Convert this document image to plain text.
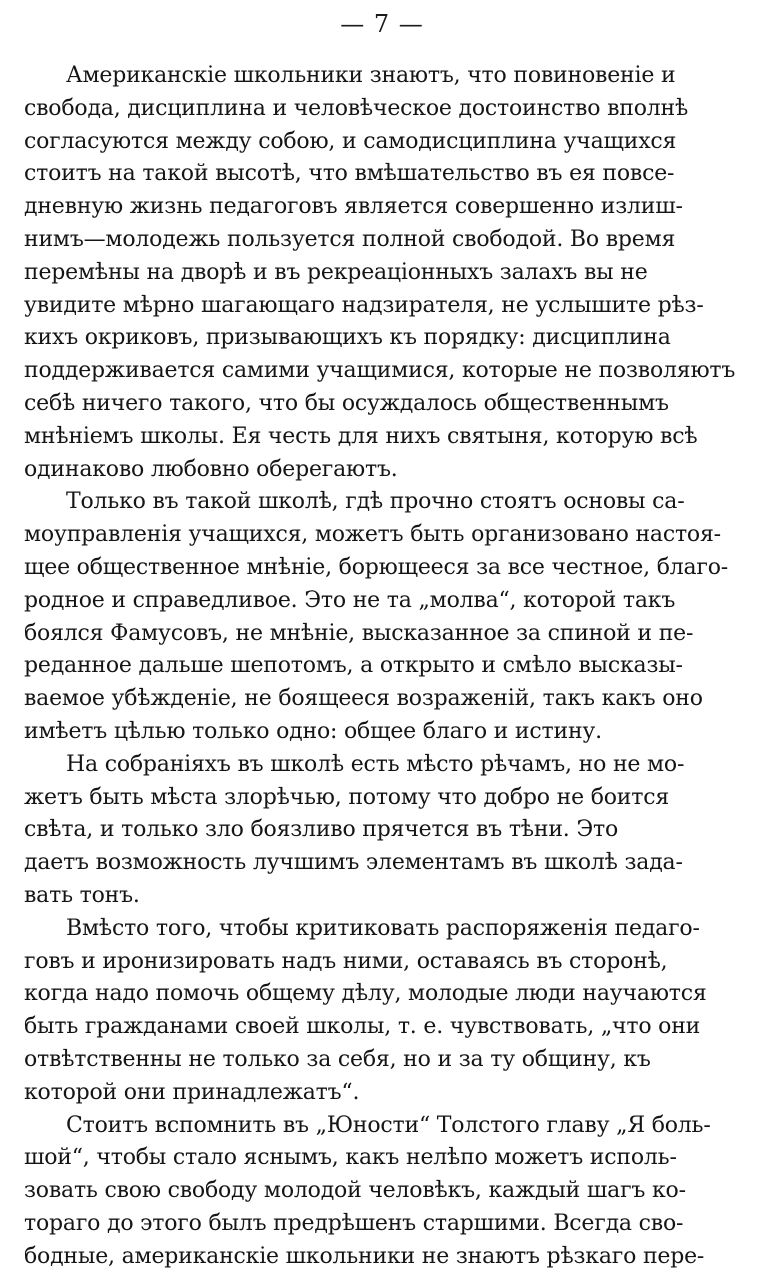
— 7 —
Американскіе школьники знаютъ, что повиновеніе и
свобода, дисциплина и человѣческое достоинство вполнѣ
согласуются между собою, и самодисциплина учащихся
стоитъ на такой высотѣ, что вмѣшательство въ ея повсе-
дневную жизнь педагоговъ является совершенно излиш-
нимъ—молодежь пользуется полной свободой. Во время
перемѣны на дворѣ и въ рекреаціонныхъ залахъ вы не
увидите мѣрно шагающаго надзирателя, не услышите рѣз-
кихъ окриковъ, призывающихъ къ порядку: дисциплина
поддерживается самими учащимися, которые не позволяютъ
себѣ ничего такого, что бы осуждалось общественнымъ
мнѣніемъ школы. Ея честь для нихъ святыня, которую всѣ
одинаково любовно оберегаютъ.
Только въ такой школѣ, гдѣ прочно стоятъ основы са-
моуправленія учащихся, можетъ быть организовано настоя-
щее общественное мнѣніе, борющееся за все честное, благо-
родное и справедливое. Это не та „молва“, которой такъ
боялся Фамусовъ, не мнѣніе, высказанное за спиной и пе-
реданное дальше шепотомъ, а открыто и смѣло высказы-
ваемое убѣжденіе, не боящееся возраженій, такъ какъ оно
имѣетъ цѣлью только одно: общее благо и истину.
На собраніяхъ въ школѣ есть мѣсто рѣчамъ, но не мо-
жетъ быть мѣста злорѣчью, потому что добро не боится
свѣта, и только зло боязливо прячется въ тѣни. Это
даетъ возможность лучшимъ элементамъ въ школѣ зада-
вать тонъ.
Вмѣсто того, чтобы критиковать распоряженія педаго-
говъ и иронизировать надъ ними, оставаясь въ сторонѣ,
когда надо помочь общему дѣлу, молодые люди научаются
быть гражданами своей школы, т. е. чувствовать, „что они
отвѣтственны не только за себя, но и за ту общину, къ
которой они принадлежатъ“.
Стоитъ вспомнить въ „Юности“ Толстого главу „Я боль-
шой“, чтобы стало яснымъ, какъ нелѣпо можетъ исполь-
зовать свою свободу молодой человѣкъ, каждый шагъ ко-
тораго до этого былъ предрѣшенъ старшими. Всегда сво-
бодные, американскіе школьники не знаютъ рѣзкаго пере-
